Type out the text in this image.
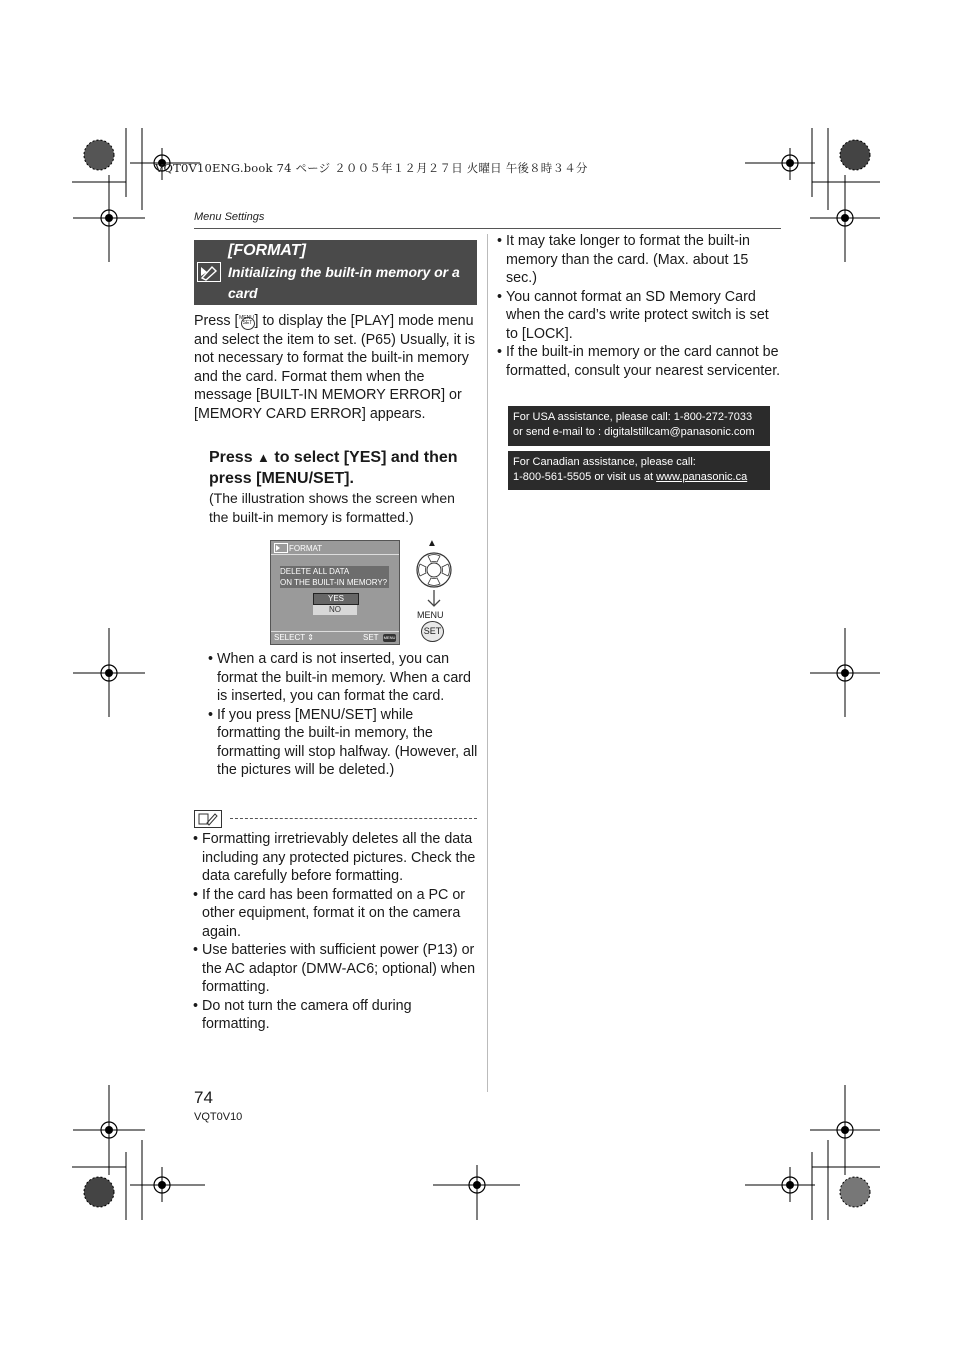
VQT0V10ENG.book 74 ページ ２００５年１２月２７日 火曜日 午後８時３４分
Menu Settings
[FORMAT]
Initializing the built-in memory or a card

Press [ MENU
SET ] to display the [PLAY] mode menu and select the item to set. (P65) Usually, it is not necessary to format the built-in memory and the card. Format them when the message [BUILT-IN MEMORY ERROR] or [MEMORY CARD ERROR] appears.

Press ▲ to select [YES] and then press [MENU/SET].

(The illustration shows the screen when the built-in memory is formatted.)

FORMAT
DELETE ALL DATA
ON THE BUILT-IN MEMORY?
YES
NO
SELECT ⇕	SET MENU
▲
MENU
SET
• When a card is not inserted, you can format the built-in memory. When a card is inserted, you can format the card.
• If you press [MENU/SET] while formatting the built-in memory, the formatting will stop halfway. (However, all the pictures will be deleted.)
• Formatting irretrievably deletes all the data including any protected pictures. Check the data carefully before formatting.
• If the card has been formatted on a PC or other equipment, format it on the camera again.
• Use batteries with sufficient power (P13) or the AC adaptor (DMW-AC6; optional) when formatting.
• Do not turn the camera off during formatting.
• It may take longer to format the built-in memory than the card. (Max. about 15 sec.)
• You cannot format an SD Memory Card when the card’s write protect switch is set to [LOCK].
• If the built-in memory or the card cannot be formatted, consult your nearest servicenter.
For USA assistance, please call: 1-800-272-7033
or send e-mail to : digitalstillcam@panasonic.com
For Canadian assistance, please call:
1-800-561-5505 or visit us at www.panasonic.ca
74
VQT0V10
